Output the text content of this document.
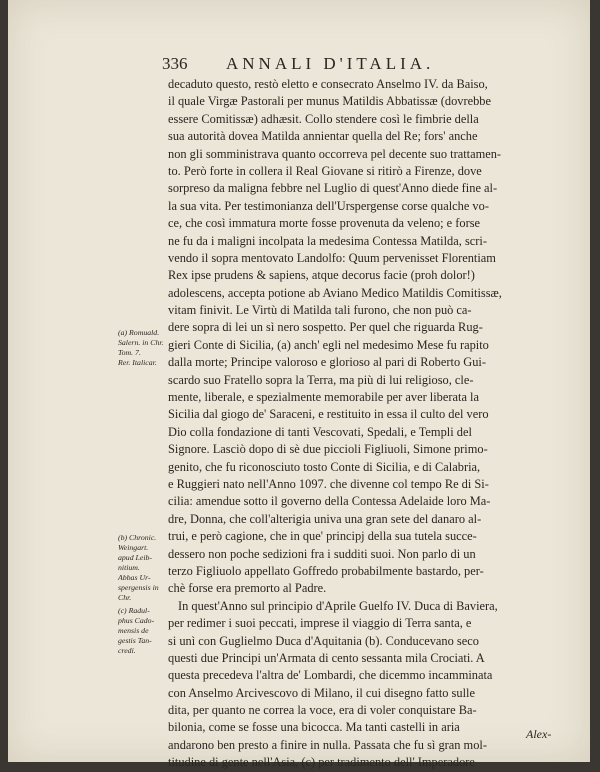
336 ANNALI D'ITALIA.
decaduto questo, restò eletto e consecrato Anselmo IV. da Baiso,
il quale Virgæ Pastorali per munus Matildis Abbatissæ (dovrebbe
essere Comitissæ) adhæsit. Collo stendere così le fimbrie della
sua autorità dovea Matilda annientar quella del Re; fors' anche
non gli somministrava quanto occorreva pel decente suo trattamen-
to. Però forte in collera il Real Giovane si ritirò a Firenze, dove
sorpreso da maligna febbre nel Luglio di quest'Anno diede fine al-
la sua vita. Per testimonianza dell'Urspergense corse qualche vo-
ce, che così immatura morte fosse provenuta da veleno; e forse
ne fu da i maligni incolpata la medesima Contessa Matilda, scri-
vendo il sopra mentovato Landolfo: Quum pervenisset Florentiam
Rex ipse prudens & sapiens, atque decorus facie (proh dolor!)
adolescens, accepta potione ab Aviano Medico Matildis Comitissæ,
vitam finivit. Le Virtù di Matilda tali furono, che non può ca-
dere sopra di lei un sì nero sospetto. Per quel che riguarda Rug-
gieri Conte di Sicilia, (a) anch' egli nel medesimo Mese fu rapito
dalla morte; Principe valoroso e glorioso al pari di Roberto Gui-
scardo suo Fratello sopra la Terra, ma più di lui religioso, cle-
mente, liberale, e spezialmente memorabile per aver liberata la
Sicilia dal giogo de' Saraceni, e restituito in essa il culto del vero
Dio colla fondazione di tanti Vescovati, Spedali, e Templi del
Signore. Lasciò dopo di sè due piccioli Figliuoli, Simone primo-
genito, che fu riconosciuto tosto Conte di Sicilia, e di Calabria,
e Ruggieri nato nell'Anno 1097. che divenne col tempo Re di Si-
cilia: amendue sotto il governo della Contessa Adelaide loro Ma-
dre, Donna, che coll'alterigia univa una gran sete del danaro al-
trui, e però cagione, che in que' principj della sua tutela succe-
dessero non poche sedizioni fra i sudditi suoi. Non parlo di un
terzo Figliuolo appellato Goffredo probabilmente bastardo, per-
chè forse era premorto al Padre.
In quest'Anno sul principio d'Aprile Guelfo IV. Duca di Baviera,
per redimer i suoi peccati, imprese il viaggio di Terra santa, e
si unì con Guglielmo Duca d'Aquitania (b). Conducevano seco
questi due Principi un'Armata di cento sessanta mila Crociati. A
questa precedeva l'altra de' Lombardi, che dicemmo incamminata
con Anselmo Arcivescovo di Milano, il cui disegno fatto sulle
dita, per quanto ne correa la voce, era di voler conquistare Ba-
bilonia, come se fosse una bicocca. Ma tanti castelli in aria
andarono ben presto a finire in nulla. Passata che fu sì gran mol-
titudine di gente nell'Asia, (c) per tradimento dell' Imperadore
(a) Romuald.
Salern. in Chr.
Tom. 7.
Rer. Italicar.
(b) Chronic.
Weingart.
apud Leib-
nitium.
Abbas Ur-
spergensis in
Chr.
(c) Radul-
phus Cado-
mensis de
gestis Tan-
credi.
Alex-
